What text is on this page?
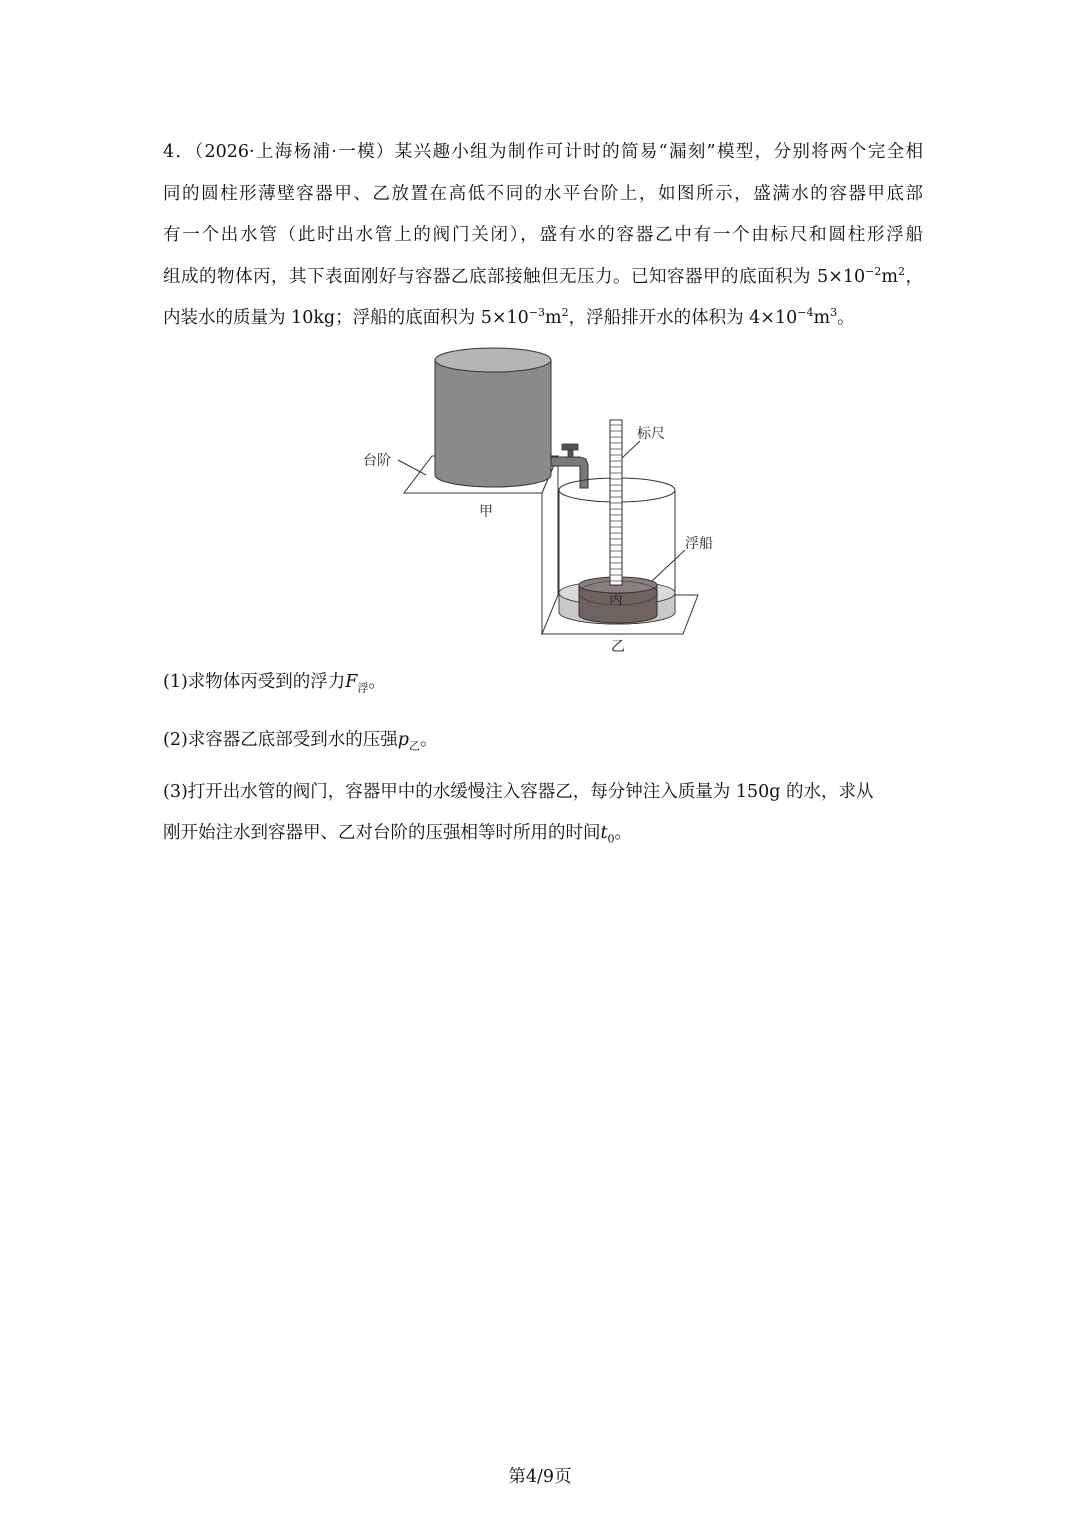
4．（2026·上海杨浦·一模）某兴趣小组为制作可计时的简易“漏刻”模型，分别将两个完全相
同的圆柱形薄壁容器甲、乙放置在高低不同的水平台阶上，如图所示，盛满水的容器甲底部
有一个出水管（此时出水管上的阀门关闭），盛有水的容器乙中有一个由标尺和圆柱形浮船
组成的物体丙，其下表面刚好与容器乙底部接触但无压力。已知容器甲的底面积为 $5\times 10^{-2}m^2$，
内装水的质量为 10kg；浮船的底面积为 $5\times 10^{-3}m^2$，浮船排开水的体积为 $4\times 10^{-4}m^3$。
台阶
甲
标尺
浮船
丙
乙
(1)求物体丙受到的浮力$F_浮$。
(2)求容器乙底部受到水的压强$p_乙$。
(3)打开出水管的阀门，容器甲中的水缓慢注入容器乙，每分钟注入质量为 150g 的水，求从
刚开始注水到容器甲、乙对台阶的压强相等时所用的时间$t_0$。
第4/9页
